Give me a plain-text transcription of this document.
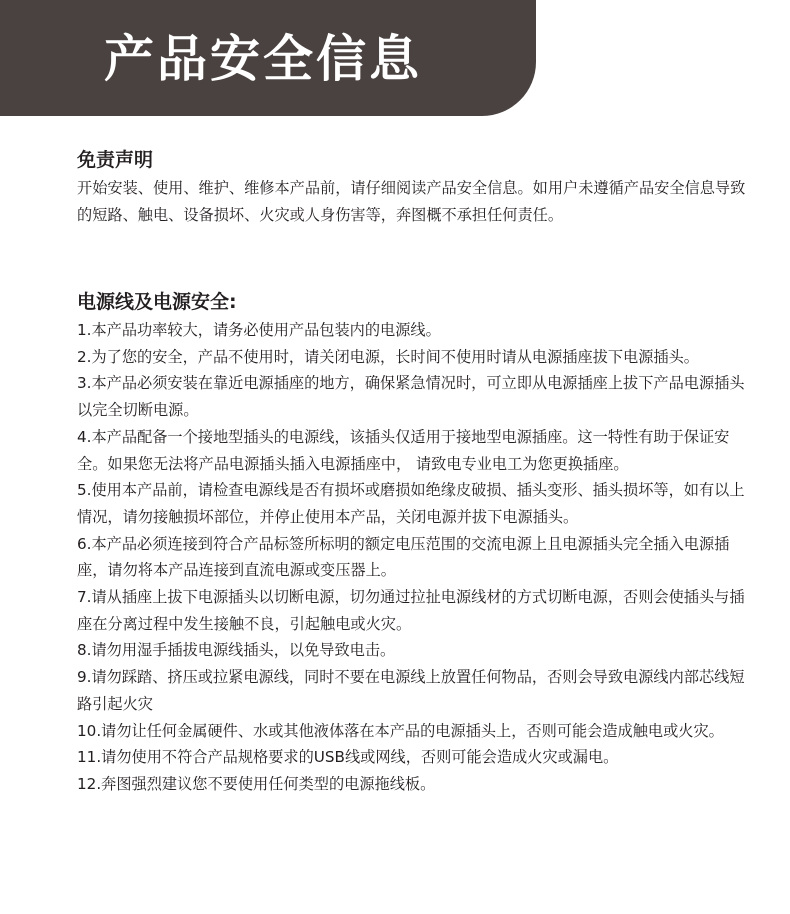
产品安全信息
免责声明

开始安装、使用、维护、维修本产品前，请仔细阅读产品安全信息。如用户未遵循产品安全信息导致的短路、触电、设备损坏、火灾或人身伤害等，奔图概不承担任何责任。

电源线及电源安全:
1.本产品功率较大，请务必使用产品包装内的电源线。
2.为了您的安全，产品不使用时，请关闭电源，长时间不使用时请从电源插座拔下电源插头。
3.本产品必须安装在靠近电源插座的地方，确保紧急情况时，可立即从电源插座上拔下产品电源插头以完全切断电源。
4.本产品配备一个接地型插头的电源线，该插头仅适用于接地型电源插座。这一特性有助于保证安全。如果您无法将产品电源插头插入电源插座中， 请致电专业电工为您更换插座。
5.使用本产品前，请检查电源线是否有损坏或磨损如绝缘皮破损、插头变形、插头损坏等，如有以上情况，请勿接触损坏部位，并停止使用本产品，关闭电源并拔下电源插头。
6.本产品必须连接到符合产品标签所标明的额定电压范围的交流电源上且电源插头完全插入电源插座，请勿将本产品连接到直流电源或变压器上。
7.请从插座上拔下电源插头以切断电源，切勿通过拉扯电源线材的方式切断电源，否则会使插头与插座在分离过程中发生接触不良，引起触电或火灾。
8.请勿用湿手插拔电源线插头，以免导致电击。
9.请勿踩踏、挤压或拉紧电源线，同时不要在电源线上放置任何物品，否则会导致电源线内部芯线短路引起火灾
10.请勿让任何金属硬件、水或其他液体落在本产品的电源插头上，否则可能会造成触电或火灾。
11.请勿使用不符合产品规格要求的USB线或网线，否则可能会造成火灾或漏电。
12.奔图强烈建议您不要使用任何类型的电源拖线板。
